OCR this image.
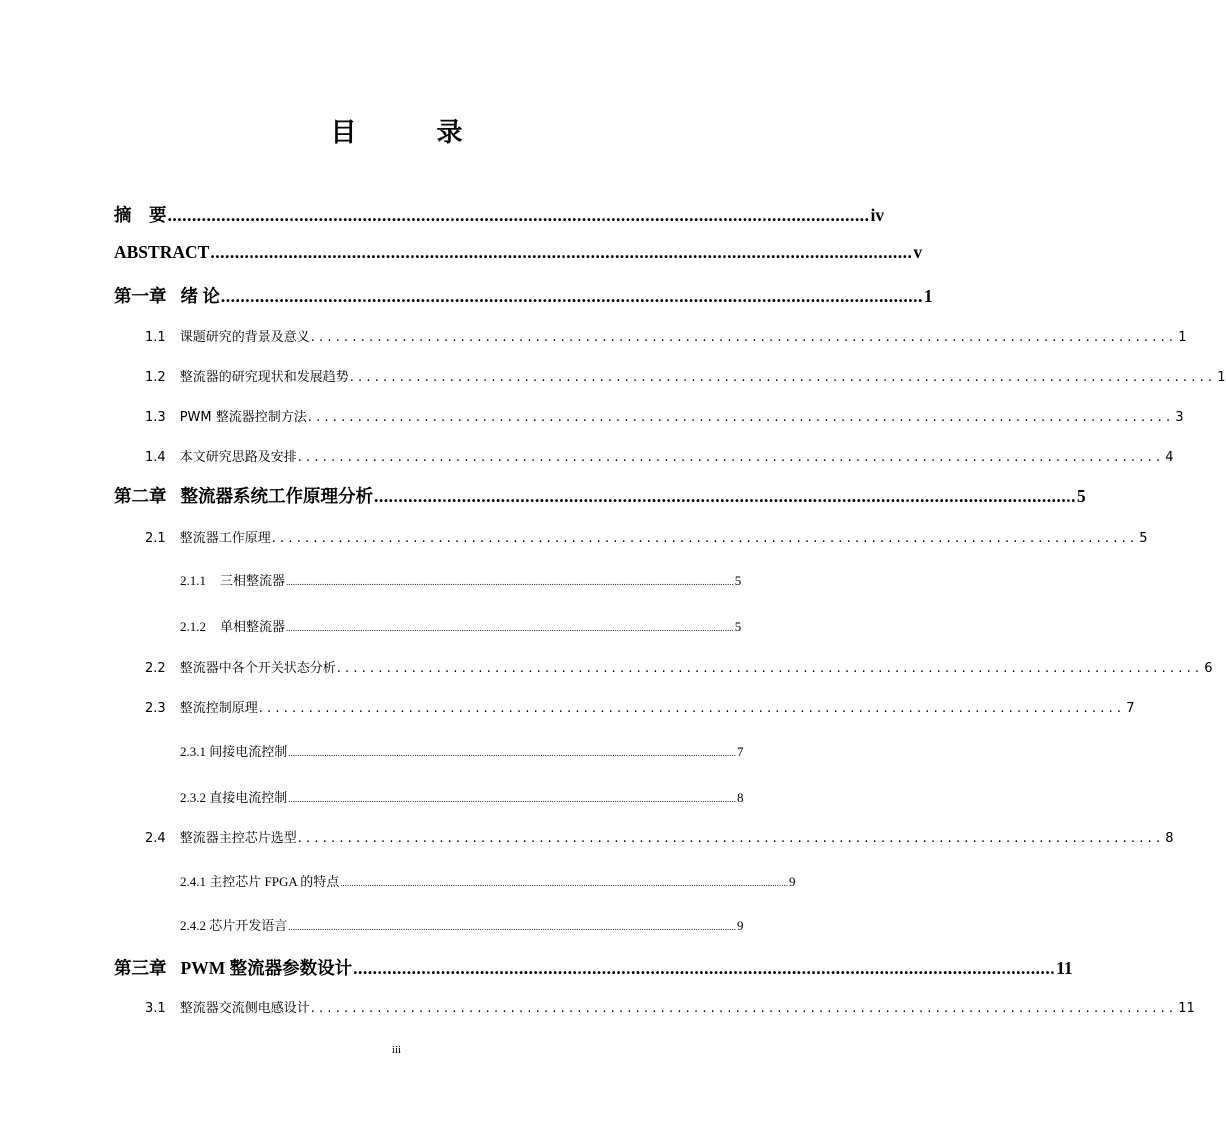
目 录
摘　要 ................................................................................................................................................ iv
ABSTRACT ................................................................................................................................................ v
第一章 绪 论 ................................................................................................................................................ 1
1.1 课题研究的背景及意义 ........................................................................................................ 1
1.2 整流器的研究现状和发展趋势 ........................................................................................................ 1
1.3 PWM 整流器控制方法 ........................................................................................................ 3
1.4 本文研究思路及安排 ........................................................................................................ 4
第二章 整流器系统工作原理分析 ................................................................................................................................................ 5
2.1 整流器工作原理 ........................................................................................................ 5
2.1.1 三相整流器 ....................................................................................................................................................................................................... 5
2.1.2 单相整流器 ....................................................................................................................................................................................................... 5
2.2 整流器中各个开关状态分析 ........................................................................................................ 6
2.3 整流控制原理 ........................................................................................................ 7
2.3.1 间接电流控制 ....................................................................................................................................................................................................... 7
2.3.2 直接电流控制 ....................................................................................................................................................................................................... 8
2.4 整流器主控芯片选型 ........................................................................................................ 8
2.4.1 主控芯片 FPGA 的特点 ....................................................................................................................................................................................................... 9
2.4.2 芯片开发语言 ....................................................................................................................................................................................................... 9
第三章 PWM 整流器参数设计 ................................................................................................................................................ 11
3.1 整流器交流侧电感设计 ........................................................................................................ 11
iii
